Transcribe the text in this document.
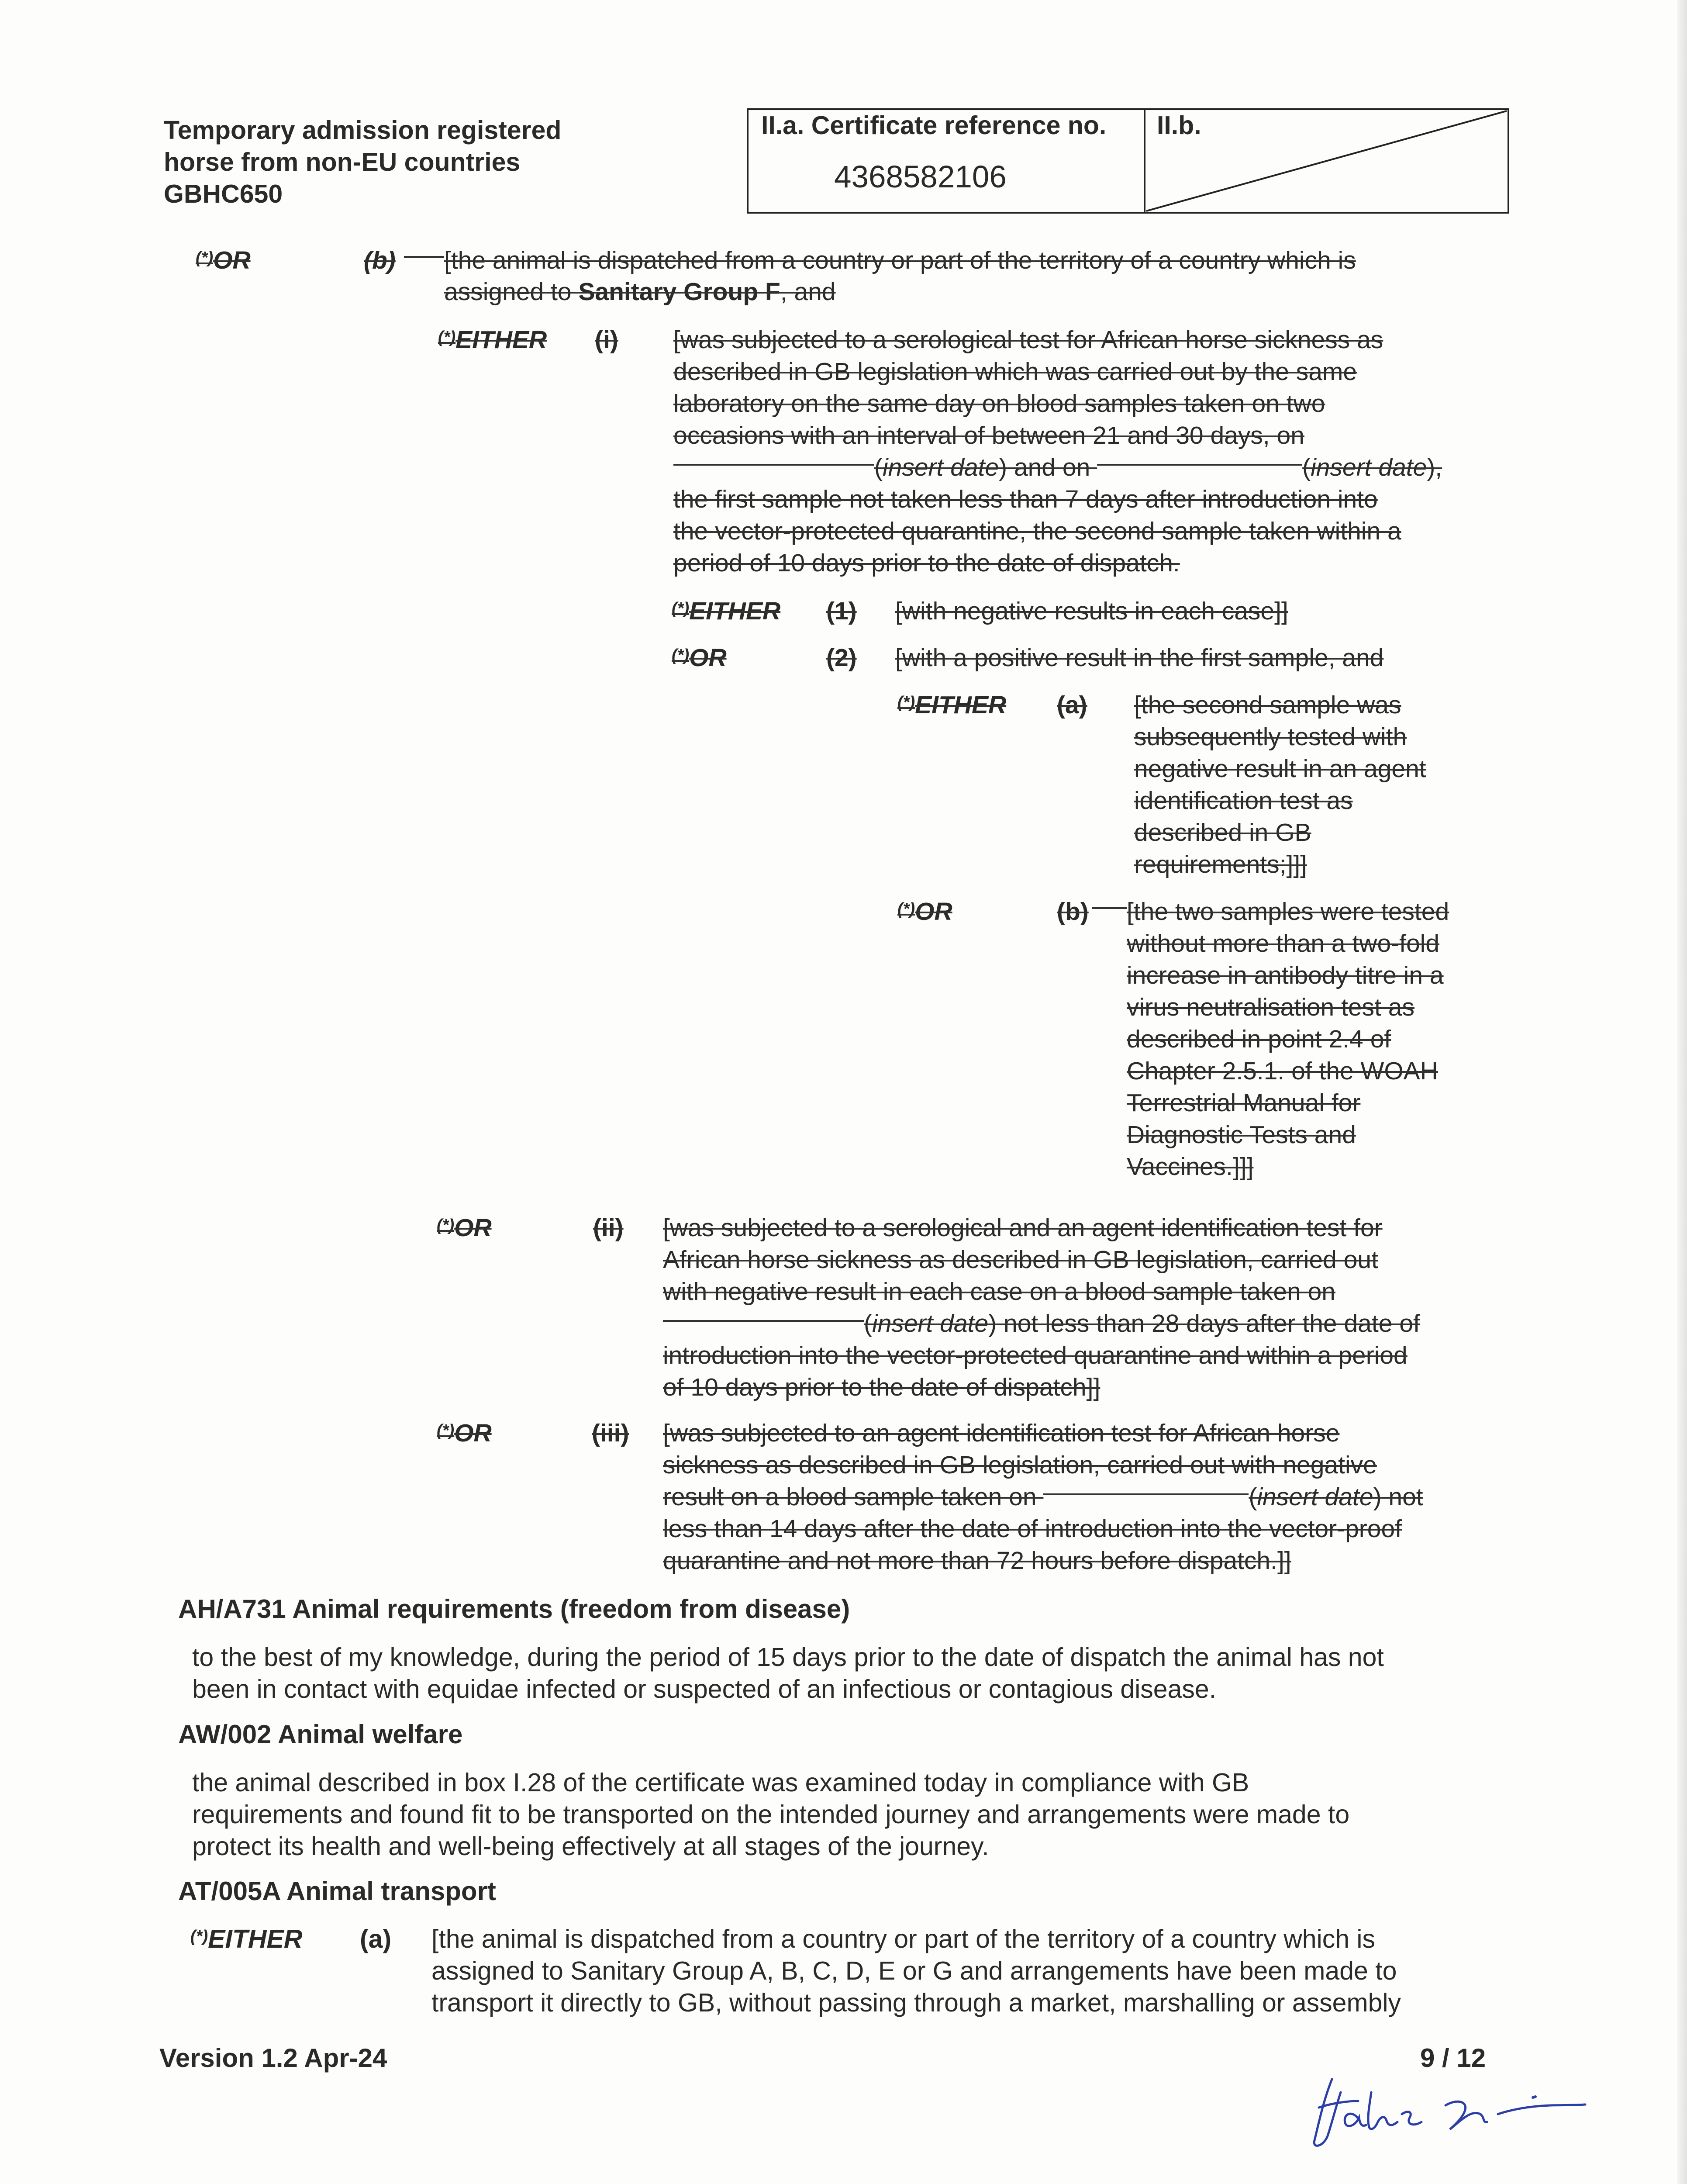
Temporary admission registered
horse from non-EU countries
GBHC650
II.a. Certificate reference no.
4368582106
II.b.
(*)OR	(b) [the animal is dispatched from a country or part of the territory of a country which is
assigned to Sanitary Group F, and
(*)EITHER (i) [was subjected to a serological test for African horse sickness as
described in GB legislation which was carried out by the same
laboratory on the same day on blood samples taken on two
occasions with an interval of between 21 and 30 days, on
(insert date) and on	(insert date),
the first sample not taken less than 7 days after introduction into
the vector-protected quarantine, the second sample taken within a
period of 10 days prior to the date of dispatch.
(*)EITHER (1) [with negative results in each case]]
(*)OR	(2) [with a positive result in the first sample, and
(*)EITHER (a) [the second sample was
subsequently tested with
negative result in an agent
identification test as
described in GB
requirements;]]]
(*)OR	(b) [the two samples were tested
without more than a two-fold
increase in antibody titre in a
virus neutralisation test as
described in point 2.4 of
Chapter 2.5.1. of the WOAH
Terrestrial Manual for
Diagnostic Tests and
Vaccines.]]]
(*)OR	(ii) [was subjected to a serological and an agent identification test for
African horse sickness as described in GB legislation, carried out
with negative result in each case on a blood sample taken on
(insert date) not less than 28 days after the date of
introduction into the vector-protected quarantine and within a period
of 10 days prior to the date of dispatch]]
(*)OR	(iii) [was subjected to an agent identification test for African horse
sickness as described in GB legislation, carried out with negative
result on a blood sample taken on	(insert date) not
less than 14 days after the date of introduction into the vector-proof
quarantine and not more than 72 hours before dispatch.]]
AH/A731 Animal requirements (freedom from disease)
to the best of my knowledge, during the period of 15 days prior to the date of dispatch the animal has not
been in contact with equidae infected or suspected of an infectious or contagious disease.
AW/002 Animal welfare
the animal described in box I.28 of the certificate was examined today in compliance with GB
requirements and found fit to be transported on the intended journey and arrangements were made to
protect its health and well-being effectively at all stages of the journey.
AT/005A Animal transport
(*)EITHER (a) [the animal is dispatched from a country or part of the territory of a country which is
assigned to Sanitary Group A, B, C, D, E or G and arrangements have been made to
transport it directly to GB, without passing through a market, marshalling or assembly
Version 1.2 Apr-24	9 / 12
